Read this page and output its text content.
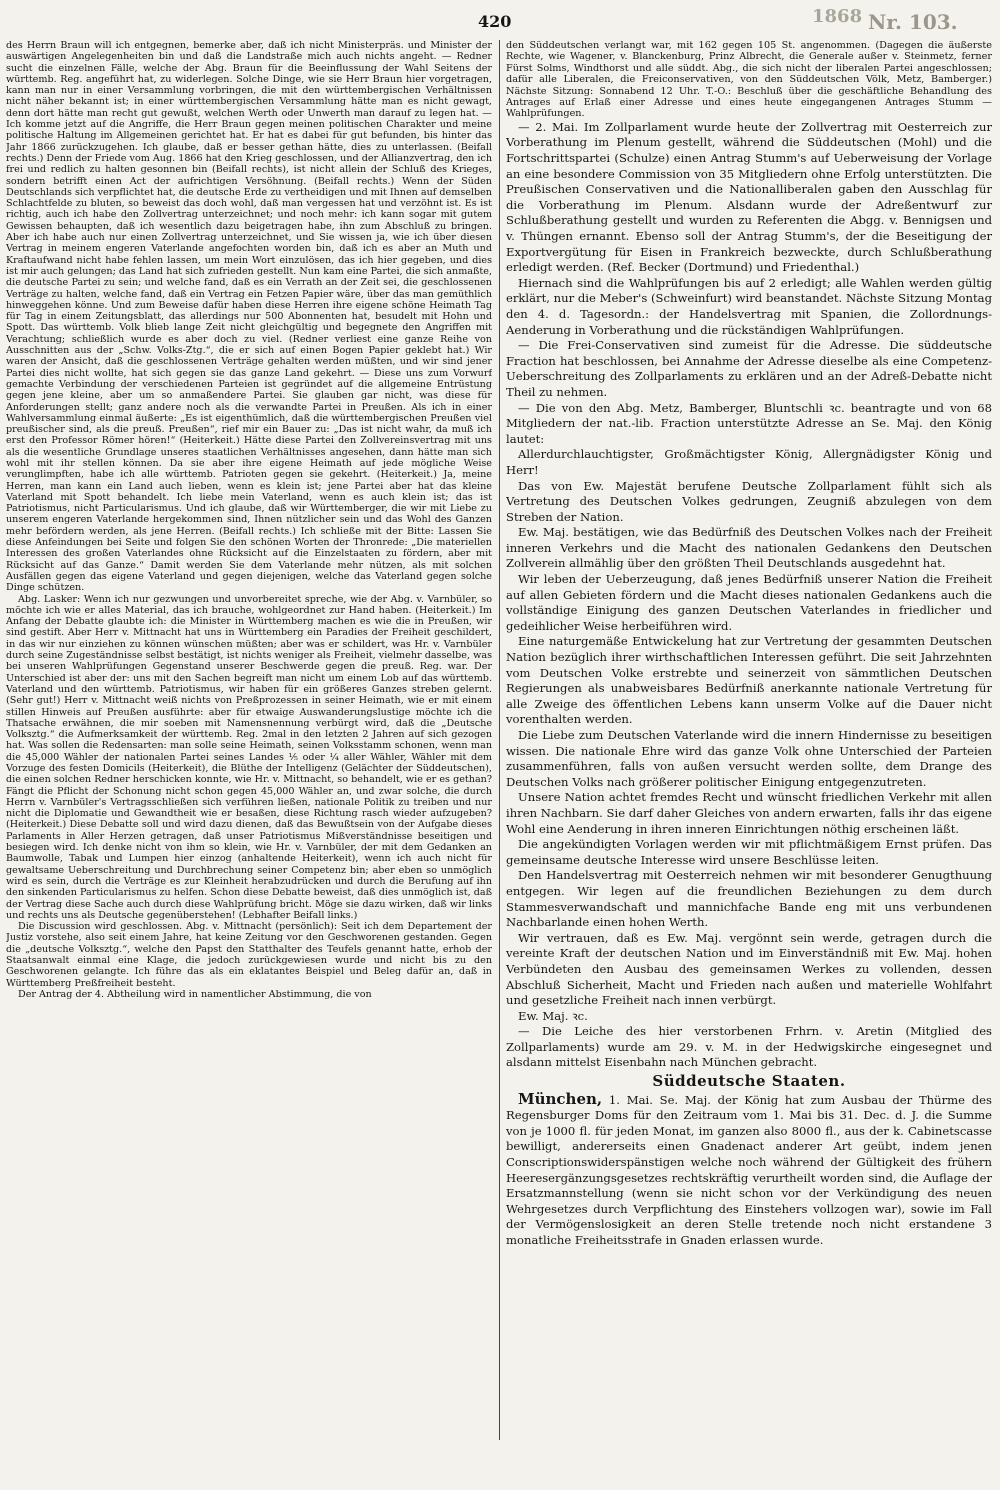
420	1868 Nr. 103.

des Herrn Braun will ich entgegnen, bemerke aber, daß ich nicht Ministerpräs. und Minister der auswärtigen Angelegenheiten bin und daß die Landstraße mich auch nichts angeht. — Redner sucht die einzelnen Fälle, welche der Abg. Braun für die Beeinflussung der Wahl Seitens der württemb. Reg. angeführt hat, zu widerlegen. Solche Dinge, wie sie Herr Braun hier vorgetragen, kann man nur in einer Versammlung vorbringen, die mit den württembergischen Verhältnissen nicht näher bekannt ist; in einer württembergischen Versammlung hätte man es nicht gewagt, denn dort hätte man recht gut gewußt, welchen Werth oder Unwerth man darauf zu legen hat. — Ich komme jetzt auf die Angriffe, die Herr Braun gegen meinen politischen Charakter und meine politische Haltung im Allgemeinen gerichtet hat. Er hat es dabei für gut befunden, bis hinter das Jahr 1866 zurückzugehen. Ich glaube, daß er besser gethan hätte, dies zu unterlassen. (Beifall rechts.) Denn der Friede vom Aug. 1866 hat den Krieg geschlossen, und der Allianzvertrag, den ich frei und redlich zu halten gesonnen bin (Beifall rechts), ist nicht allein der Schluß des Krieges, sondern betrifft einen Act der aufrichtigen Versöhnung. (Beifall rechts.) Wenn der Süden Deutschlands sich verpflichtet hat, die deutsche Erde zu vertheidigen und mit Ihnen auf demselben Schlachtfelde zu bluten, so beweist das doch wohl, daß man vergessen hat und verzöhnt ist. Es ist richtig, auch ich habe den Zollvertrag unterzeichnet; und noch mehr: ich kann sogar mit gutem Gewissen behaupten, daß ich wesentlich dazu beigetragen habe, ihn zum Abschluß zu bringen. Aber ich habe auch nur einen Zollvertrag unterzeichnet, und Sie wissen ja, wie ich über diesen Vertrag in meinem engeren Vaterlande angefochten worden bin, daß ich es aber an Muth und Kraftaufwand nicht habe fehlen lassen, um mein Wort einzulösen, das ich hier gegeben, und dies ist mir auch gelungen; das Land hat sich zufrieden gestellt. Nun kam eine Partei, die sich anmaßte, die deutsche Partei zu sein; und welche fand, daß es ein Verrath an der Zeit sei, die geschlossenen Verträge zu halten, welche fand, daß ein Vertrag ein Fetzen Papier wäre, über das man gemüthlich hinweggehen könne. Und zum Beweise dafür haben diese Herren ihre eigene schöne Heimath Tag für Tag in einem Zeitungsblatt, das allerdings nur 500 Abonnenten hat, besudelt mit Hohn und Spott. Das württemb. Volk blieb lange Zeit nicht gleichgültig und begegnete den Angriffen mit Verachtung; schließlich wurde es aber doch zu viel. (Redner verliest eine ganze Reihe von Ausschnitten aus der „Schw. Volks-Ztg.“, die er sich auf einen Bogen Papier geklebt hat.) Wir waren der Ansicht, daß die geschlossenen Verträge gehalten werden müßten, und wir sind jener Partei dies nicht wollte, hat sich gegen sie das ganze Land gekehrt. — Diese uns zum Vorwurf gemachte Verbindung der verschiedenen Parteien ist gegründet auf die allgemeine Entrüstung gegen jene kleine, aber um so anmaßendere Partei. Sie glauben gar nicht, was diese für Anforderungen stellt; ganz andere noch als die verwandte Partei in Preußen. Als ich in einer Wahlversammlung einmal äußerte: „Es ist eigenthümlich, daß die württembergischen Preußen viel preußischer sind, als die preuß. Preußen“, rief mir ein Bauer zu: „Das ist nicht wahr, da muß ich erst den Professor Römer hören!“ (Heiterkeit.) Hätte diese Partei den Zollvereinsvertrag mit uns als die wesentliche Grundlage unseres staatlichen Verhältnisses angesehen, dann hätte man sich wohl mit ihr stellen können. Da sie aber ihre eigene Heimath auf jede mögliche Weise verunglimpften, habe ich alle württemb. Patrioten gegen sie gekehrt. (Heiterkeit.) Ja, meine Herren, man kann ein Land auch lieben, wenn es klein ist; jene Partei aber hat das kleine Vaterland mit Spott behandelt. Ich liebe mein Vaterland, wenn es auch klein ist; das ist Patriotismus, nicht Particularismus. Und ich glaube, daß wir Württemberger, die wir mit Liebe zu unserem engeren Vaterlande hergekommen sind, Ihnen nützlicher sein und das Wohl des Ganzen mehr befördern werden, als jene Herren. (Beifall rechts.) Ich schließe mit der Bitte: Lassen Sie diese Anfeindungen bei Seite und folgen Sie den schönen Worten der Thronrede: „Die materiellen Interessen des großen Vaterlandes ohne Rücksicht auf die Einzelstaaten zu fördern, aber mit Rücksicht auf das Ganze.“ Damit werden Sie dem Vaterlande mehr nützen, als mit solchen Ausfällen gegen das eigene Vaterland und gegen diejenigen, welche das Vaterland gegen solche Dinge schützen.

Abg. Lasker: Wenn ich nur gezwungen und unvorbereitet spreche, wie der Abg. v. Varnbüler, so möchte ich wie er alles Material, das ich brauche, wohlgeordnet zur Hand haben. (Heiterkeit.) Im Anfang der Debatte glaubte ich: die Minister in Württemberg machen es wie die in Preußen, wir sind gestift. Aber Herr v. Mittnacht hat uns in Württemberg ein Paradies der Freiheit geschildert, in das wir nur einziehen zu können wünschen müßten; aber was er schildert, was Hr. v. Varnbüler durch seine Zugeständnisse selbst bestätigt, ist nichts weniger als Freiheit, vielmehr dasselbe, was bei unseren Wahlprüfungen Gegenstand unserer Beschwerde gegen die preuß. Reg. war. Der Unterschied ist aber der: uns mit den Sachen begreift man nicht um einem Lob auf das württemb. Vaterland und den württemb. Patriotismus, wir haben für ein größeres Ganzes streben gelernt. (Sehr gut!) Herr v. Mittnacht weiß nichts von Preßprozessen in seiner Heimath, wie er mit einem stillen Hinweis auf Preußen ausführte: aber für etwaige Auswanderungslustige möchte ich die Thatsache erwähnen, die mir soeben mit Namensnennung verbürgt wird, daß die „Deutsche Volksztg.“ die Aufmerksamkeit der württemb. Reg. 2mal in den letzten 2 Jahren auf sich gezogen hat. Was sollen die Redensarten: man solle seine Heimath, seinen Volksstamm schonen, wenn man die 45,000 Wähler der nationalen Partei seines Landes ⅕ oder ¼ aller Wähler, Wähler mit dem Vorzuge des festen Domicils (Heiterkeit), die Blüthe der Intelligenz (Gelächter der Süddeutschen), die einen solchen Redner herschicken konnte, wie Hr. v. Mittnacht, so behandelt, wie er es gethan? Fängt die Pflicht der Schonung nicht schon gegen 45,000 Wähler an, und zwar solche, die durch Herrn v. Varnbüler's Vertragsschließen sich verführen ließen, nationale Politik zu treiben und nur nicht die Diplomatie und Gewandtheit wie er besaßen, diese Richtung rasch wieder aufzugeben? (Heiterkeit.) Diese Debatte soll und wird dazu dienen, daß das Bewußtsein von der Aufgabe dieses Parlaments in Aller Herzen getragen, daß unser Patriotismus Mißverständnisse beseitigen und besiegen wird. Ich denke nicht von ihm so klein, wie Hr. v. Varnbüler, der mit dem Gedanken an Baumwolle, Tabak und Lumpen hier einzog (anhaltende Heiterkeit), wenn ich auch nicht für gewaltsame Ueberschreitung und Durchbrechung seiner Competenz bin; aber eben so unmöglich wird es sein, durch die Verträge es zur Kleinheit herabzudrücken und durch die Berufung auf ihn den sinkenden Particularismus zu helfen. Schon diese Debatte beweist, daß dies unmöglich ist, daß der Vertrag diese Sache auch durch diese Wahlprüfung bricht. Möge sie dazu wirken, daß wir links und rechts uns als Deutsche gegenüberstehen! (Lebhafter Beifall links.)

Die Discussion wird geschlossen. Abg. v. Mittnacht (persönlich): Seit ich dem Departement der Justiz vorstehe, also seit einem Jahre, hat keine Zeitung vor den Geschworenen gestanden. Gegen die „deutsche Volksztg.“, welche den Papst den Statthalter des Teufels genannt hatte, erhob der Staatsanwalt einmal eine Klage, die jedoch zurückgewiesen wurde und nicht bis zu den Geschworenen gelangte. Ich führe das als ein eklatantes Beispiel und Beleg dafür an, daß in Württemberg Preßfreiheit besteht.

Der Antrag der 4. Abtheilung wird in namentlicher Abstimmung, die von

den Süddeutschen verlangt war, mit 162 gegen 105 St. angenommen. (Dagegen die äußerste Rechte, wie Wagener, v. Blanckenburg, Prinz Albrecht, die Generale außer v. Steinmetz, ferner Fürst Solms, Windthorst und alle süddt. Abg., die sich nicht der liberalen Partei angeschlossen; dafür alle Liberalen, die Freiconservativen, von den Süddeutschen Völk, Metz, Bamberger.) Nächste Sitzung: Sonnabend 12 Uhr. T.-O.: Beschluß über die geschäftliche Behandlung des Antrages auf Erlaß einer Adresse und eines heute eingegangenen Antrages Stumm — Wahlprüfungen.

— 2. Mai. Im Zollparlament wurde heute der Zollvertrag mit Oesterreich zur Vorberathung im Plenum gestellt, während die Süddeutschen (Mohl) und die Fortschrittspartei (Schulze) einen Antrag Stumm's auf Ueberweisung der Vorlage an eine besondere Commission von 35 Mitgliedern ohne Erfolg unterstützten. Die Preußischen Conservativen und die Nationalliberalen gaben den Ausschlag für die Vorberathung im Plenum. Alsdann wurde der Adreßentwurf zur Schlußberathung gestellt und wurden zu Referenten die Abgg. v. Bennigsen und v. Thüngen ernannt. Ebenso soll der Antrag Stumm's, der die Beseitigung der Exportvergütung für Eisen in Frankreich bezweckte, durch Schlußberathung erledigt werden. (Ref. Becker (Dortmund) und Friedenthal.)

Hiernach sind die Wahlprüfungen bis auf 2 erledigt; alle Wahlen werden gültig erklärt, nur die Meber's (Schweinfurt) wird beanstandet. Nächste Sitzung Montag den 4. d. Tagesordn.: der Handelsvertrag mit Spanien, die Zollordnungs-Aenderung in Vorberathung und die rückständigen Wahlprüfungen.

— Die Frei-Conservativen sind zumeist für die Adresse. Die süddeutsche Fraction hat beschlossen, bei Annahme der Adresse dieselbe als eine Competenz-Ueberschreitung des Zollparlaments zu erklären und an der Adreß-Debatte nicht Theil zu nehmen.

— Die von den Abg. Metz, Bamberger, Bluntschli ꝛc. beantragte und von 68 Mitgliedern der nat.-lib. Fraction unterstützte Adresse an Se. Maj. den König lautet:

Allerdurchlauchtigster, Großmächtigster König, Allergnädigster König und Herr!

Das von Ew. Majestät berufene Deutsche Zollparlament fühlt sich als Vertretung des Deutschen Volkes gedrungen, Zeugniß abzulegen von dem Streben der Nation.

Ew. Maj. bestätigen, wie das Bedürfniß des Deutschen Volkes nach der Freiheit inneren Verkehrs und die Macht des nationalen Gedankens den Deutschen Zollverein allmählig über den größten Theil Deutschlands ausgedehnt hat.

Wir leben der Ueberzeugung, daß jenes Bedürfniß unserer Nation die Freiheit auf allen Gebieten fördern und die Macht dieses nationalen Gedankens auch die vollständige Einigung des ganzen Deutschen Vaterlandes in friedlicher und gedeihlicher Weise herbeiführen wird.

Eine naturgemäße Entwickelung hat zur Vertretung der gesammten Deutschen Nation bezüglich ihrer wirthschaftlichen Interessen geführt. Die seit Jahrzehnten vom Deutschen Volke erstrebte und seinerzeit von sämmtlichen Deutschen Regierungen als unabweisbares Bedürfniß anerkannte nationale Vertretung für alle Zweige des öffentlichen Lebens kann unserm Volke auf die Dauer nicht vorenthalten werden.

Die Liebe zum Deutschen Vaterlande wird die innern Hindernisse zu beseitigen wissen. Die nationale Ehre wird das ganze Volk ohne Unterschied der Parteien zusammenführen, falls von außen versucht werden sollte, dem Drange des Deutschen Volks nach größerer politischer Einigung entgegenzutreten.

Unsere Nation achtet fremdes Recht und wünscht friedlichen Verkehr mit allen ihren Nachbarn. Sie darf daher Gleiches von andern erwarten, falls ihr das eigene Wohl eine Aenderung in ihren inneren Einrichtungen nöthig erscheinen läßt.

Die angekündigten Vorlagen werden wir mit pflichtmäßigem Ernst prüfen. Das gemeinsame deutsche Interesse wird unsere Beschlüsse leiten.

Den Handelsvertrag mit Oesterreich nehmen wir mit besonderer Genugthuung entgegen. Wir legen auf die freundlichen Beziehungen zu dem durch Stammesverwandschaft und mannichfache Bande eng mit uns verbundenen Nachbarlande einen hohen Werth.

Wir vertrauen, daß es Ew. Maj. vergönnt sein werde, getragen durch die vereinte Kraft der deutschen Nation und im Einverständniß mit Ew. Maj. hohen Verbündeten den Ausbau des gemeinsamen Werkes zu vollenden, dessen Abschluß Sicherheit, Macht und Frieden nach außen und materielle Wohlfahrt und gesetzliche Freiheit nach innen verbürgt.

Ew. Maj. ꝛc.

— Die Leiche des hier verstorbenen Frhrn. v. Aretin (Mitglied des Zollparlaments) wurde am 29. v. M. in der Hedwigskirche eingesegnet und alsdann mittelst Eisenbahn nach München gebracht.

Süddeutsche Staaten.

München, 1. Mai. Se. Maj. der König hat zum Ausbau der Thürme des Regensburger Doms für den Zeitraum vom 1. Mai bis 31. Dec. d. J. die Summe von je 1000 fl. für jeden Monat, im ganzen also 8000 fl., aus der k. Cabinetscasse bewilligt, andererseits einen Gnadenact anderer Art geübt, indem jenen Conscriptionswiderspänstigen welche noch während der Gültigkeit des frühern Heeresergänzungsgesetzes rechtskräftig verurtheilt worden sind, die Auflage der Ersatzmannstellung (wenn sie nicht schon vor der Verkündigung des neuen Wehrgesetzes durch Verpflichtung des Einstehers vollzogen war), sowie im Fall der Vermögenslosigkeit an deren Stelle tretende noch nicht erstandene 3 monatliche Freiheitsstrafe in Gnaden erlassen wurde.
